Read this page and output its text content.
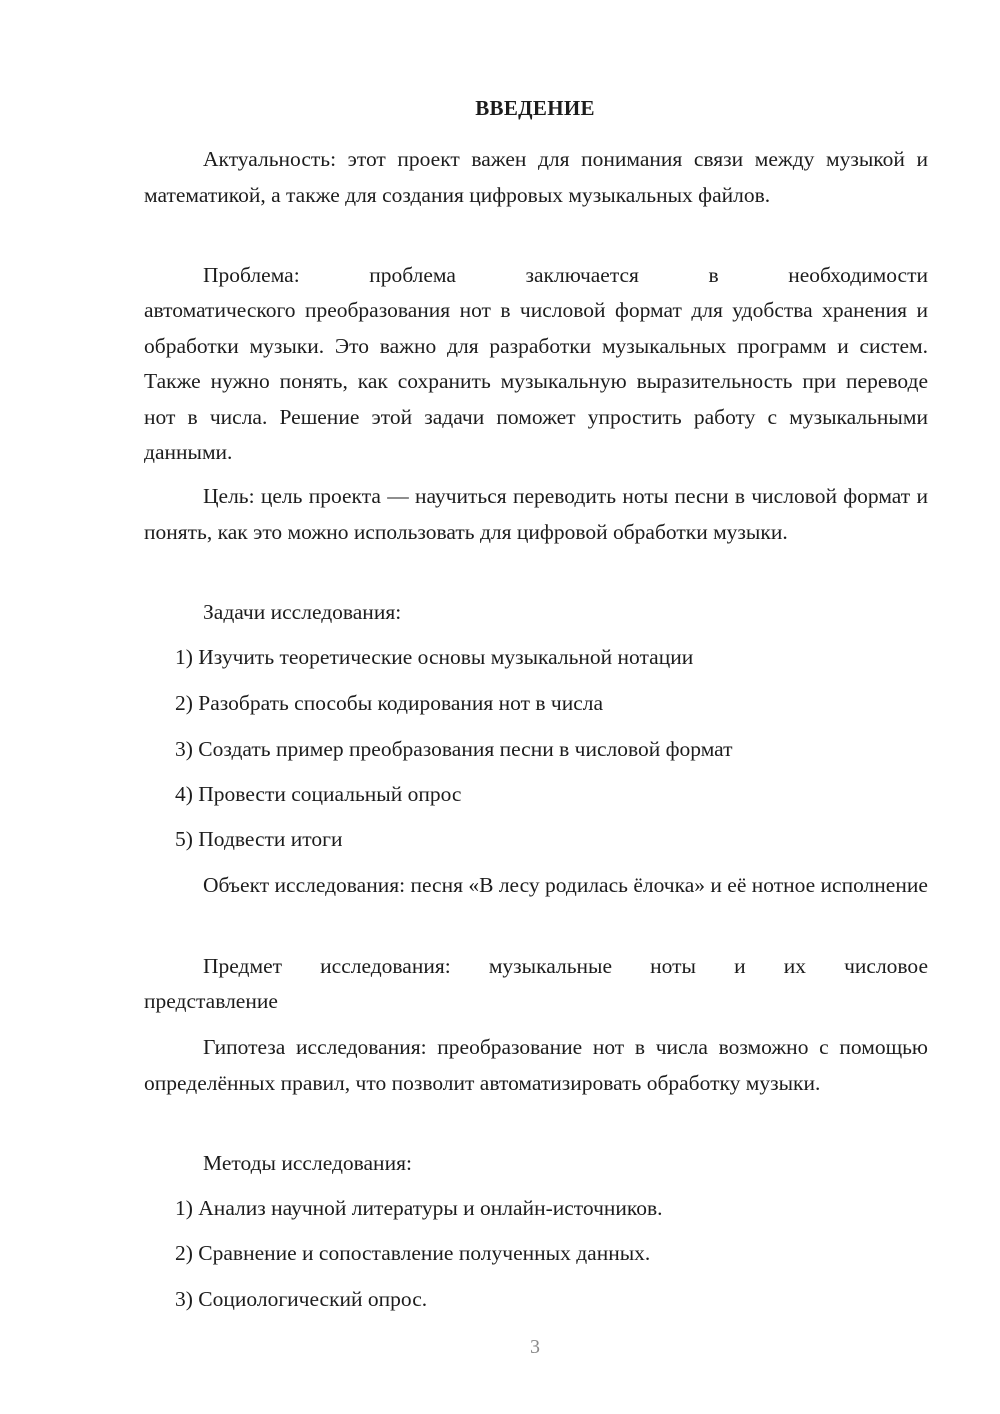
ВВЕДЕНИЕ

Актуальность: этот проект важен для понимания связи между музыкой и математикой, а также для создания цифровых музыкальных файлов.

Проблема: проблема заключается в необходимости

автоматического преобразования нот в числовой формат для удобства хранения и обработки музыки. Это важно для разработки музыкальных программ и систем. Также нужно понять, как сохранить музыкальную выразительность при переводе нот в числа. Решение этой задачи поможет упростить работу с музыкальными данными.

Цель: цель проекта — научиться переводить ноты песни в числовой формат и понять, как это можно использовать для цифровой обработки музыки.

Задачи исследования:

1) Изучить теоретические основы музыкальной нотации

2) Разобрать способы кодирования нот в числа

3) Создать пример преобразования песни в числовой формат

4) Провести социальный опрос

5) Подвести итоги

Объект исследования: песня «В лесу родилась ёлочка» и её нотное исполнение

Предмет исследования: музыкальные ноты и их числовое

представление

Гипотеза исследования: преобразование нот в числа возможно с помощью определённых правил, что позволит автоматизировать обработку музыки.

Методы исследования:

1) Анализ научной литературы и онлайн-источников.

2) Сравнение и сопоставление полученных данных.

3) Социологический опрос.

3
